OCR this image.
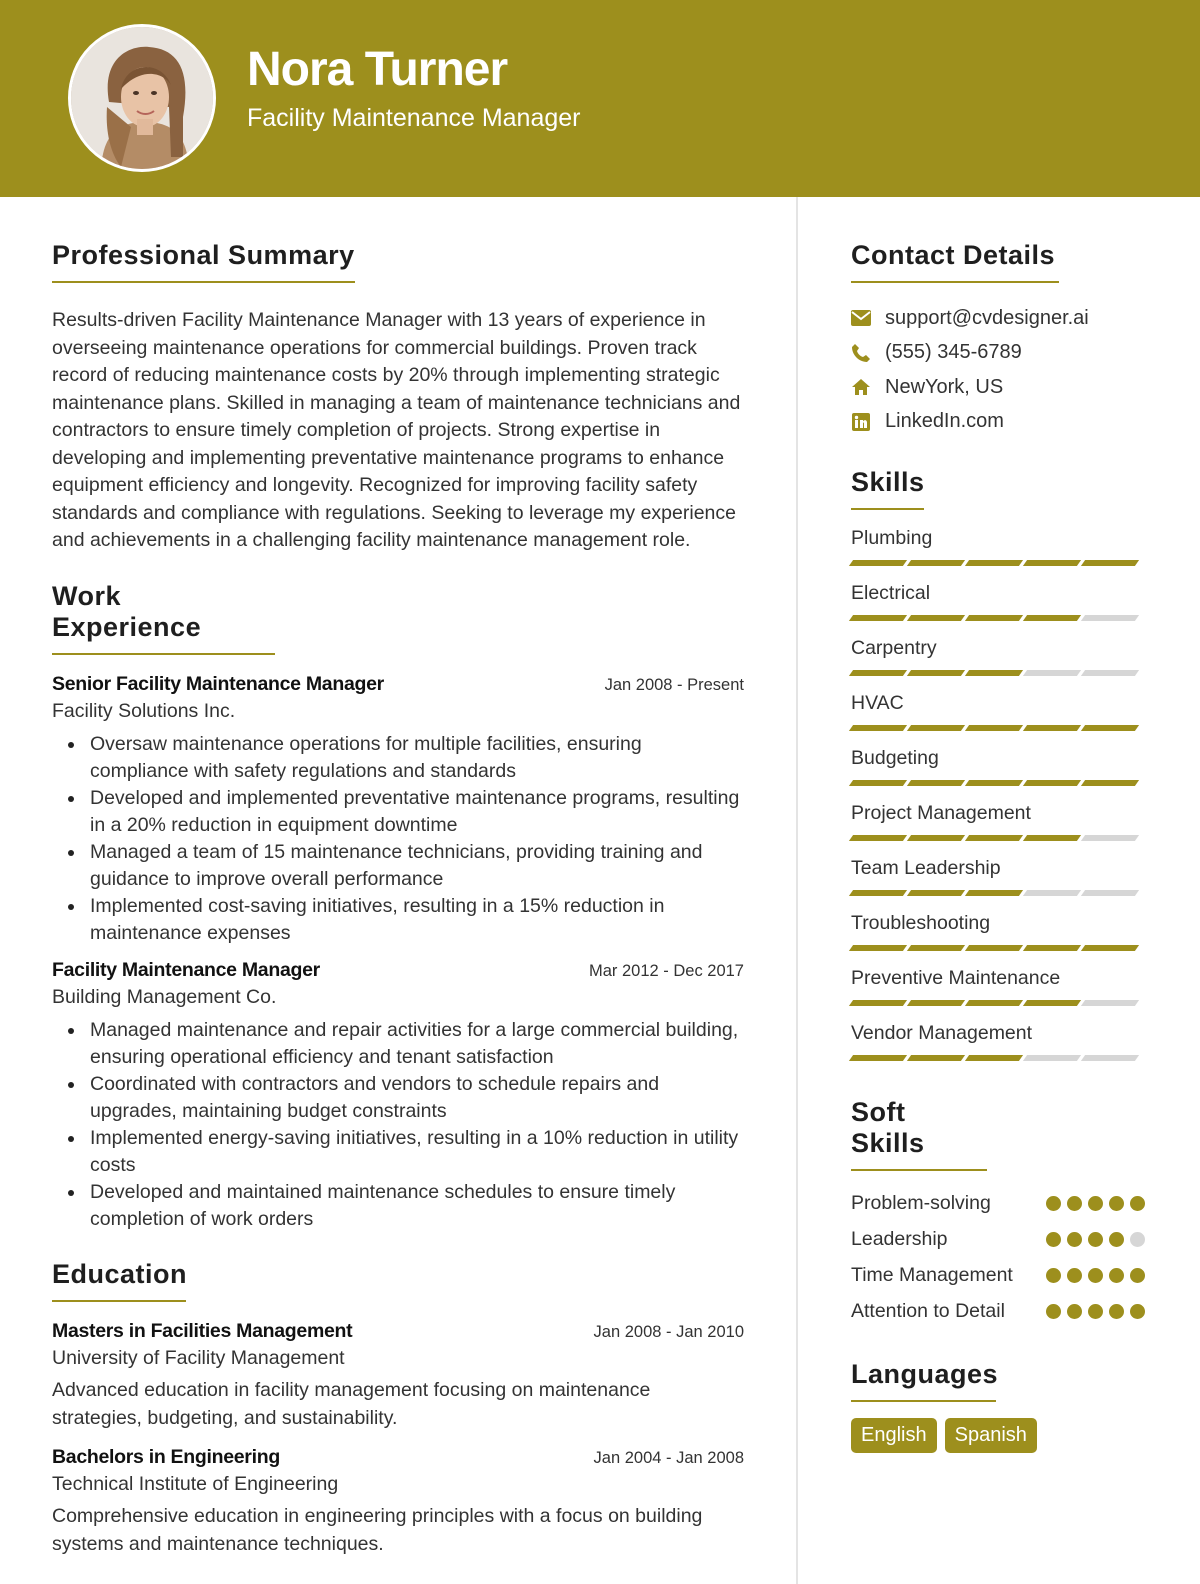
Nora Turner
Facility Maintenance Manager
Professional Summary
Results-driven Facility Maintenance Manager with 13 years of experience in overseeing maintenance operations for commercial buildings. Proven track record of reducing maintenance costs by 20% through implementing strategic maintenance plans. Skilled in managing a team of maintenance technicians and contractors to ensure timely completion of projects. Strong expertise in developing and implementing preventative maintenance programs to enhance equipment efficiency and longevity. Recognized for improving facility safety standards and compliance with regulations. Seeking to leverage my experience and achievements in a challenging facility maintenance management role.
Work Experience
Senior Facility Maintenance Manager	Jan 2008 - Present
Facility Solutions Inc.
Oversaw maintenance operations for multiple facilities, ensuring compliance with safety regulations and standards
Developed and implemented preventative maintenance programs, resulting in a 20% reduction in equipment downtime
Managed a team of 15 maintenance technicians, providing training and guidance to improve overall performance
Implemented cost-saving initiatives, resulting in a 15% reduction in maintenance expenses
Facility Maintenance Manager	Mar 2012 - Dec 2017
Building Management Co.
Managed maintenance and repair activities for a large commercial building, ensuring operational efficiency and tenant satisfaction
Coordinated with contractors and vendors to schedule repairs and upgrades, maintaining budget constraints
Implemented energy-saving initiatives, resulting in a 10% reduction in utility costs
Developed and maintained maintenance schedules to ensure timely completion of work orders
Education
Masters in Facilities Management	Jan 2008 - Jan 2010
University of Facility Management
Advanced education in facility management focusing on maintenance strategies, budgeting, and sustainability.
Bachelors in Engineering	Jan 2004 - Jan 2008
Technical Institute of Engineering
Comprehensive education in engineering principles with a focus on building systems and maintenance techniques.
Contact Details
support@cvdesigner.ai
(555) 345-6789
NewYork, US
LinkedIn.com
Skills
Plumbing
Electrical
Carpentry
HVAC
Budgeting
Project Management
Team Leadership
Troubleshooting
Preventive Maintenance
Vendor Management
Soft Skills
Problem-solving
Leadership
Time Management
Attention to Detail
Languages
English	Spanish
